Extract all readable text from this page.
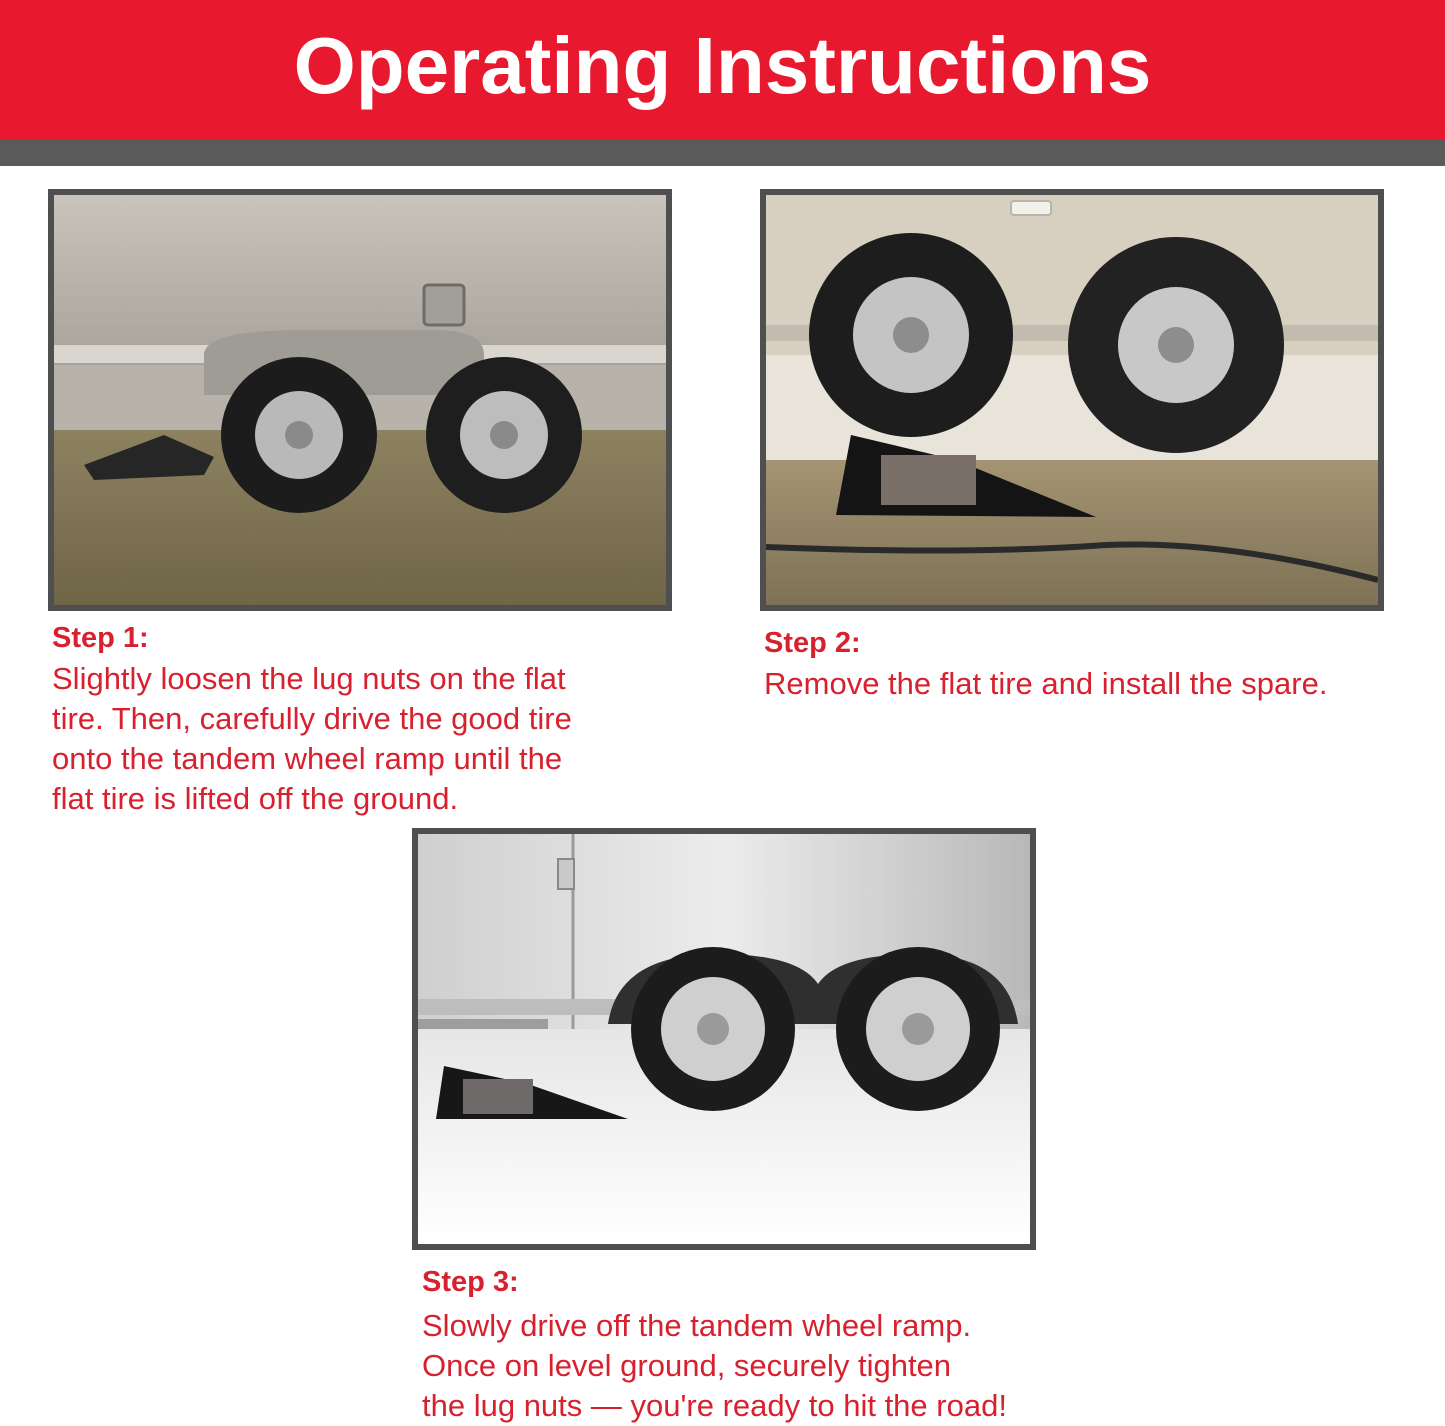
Operating Instructions
Step 1:
Slightly loosen the lug nuts on the flat
tire. Then, carefully drive the good tire
onto the tandem wheel ramp until the
flat tire is lifted off the ground.
Step 2:
Remove the flat tire and install the spare.
Step 3:
Slowly drive off the tandem wheel ramp.
Once on level ground, securely tighten
the lug nuts — you're ready to hit the road!
